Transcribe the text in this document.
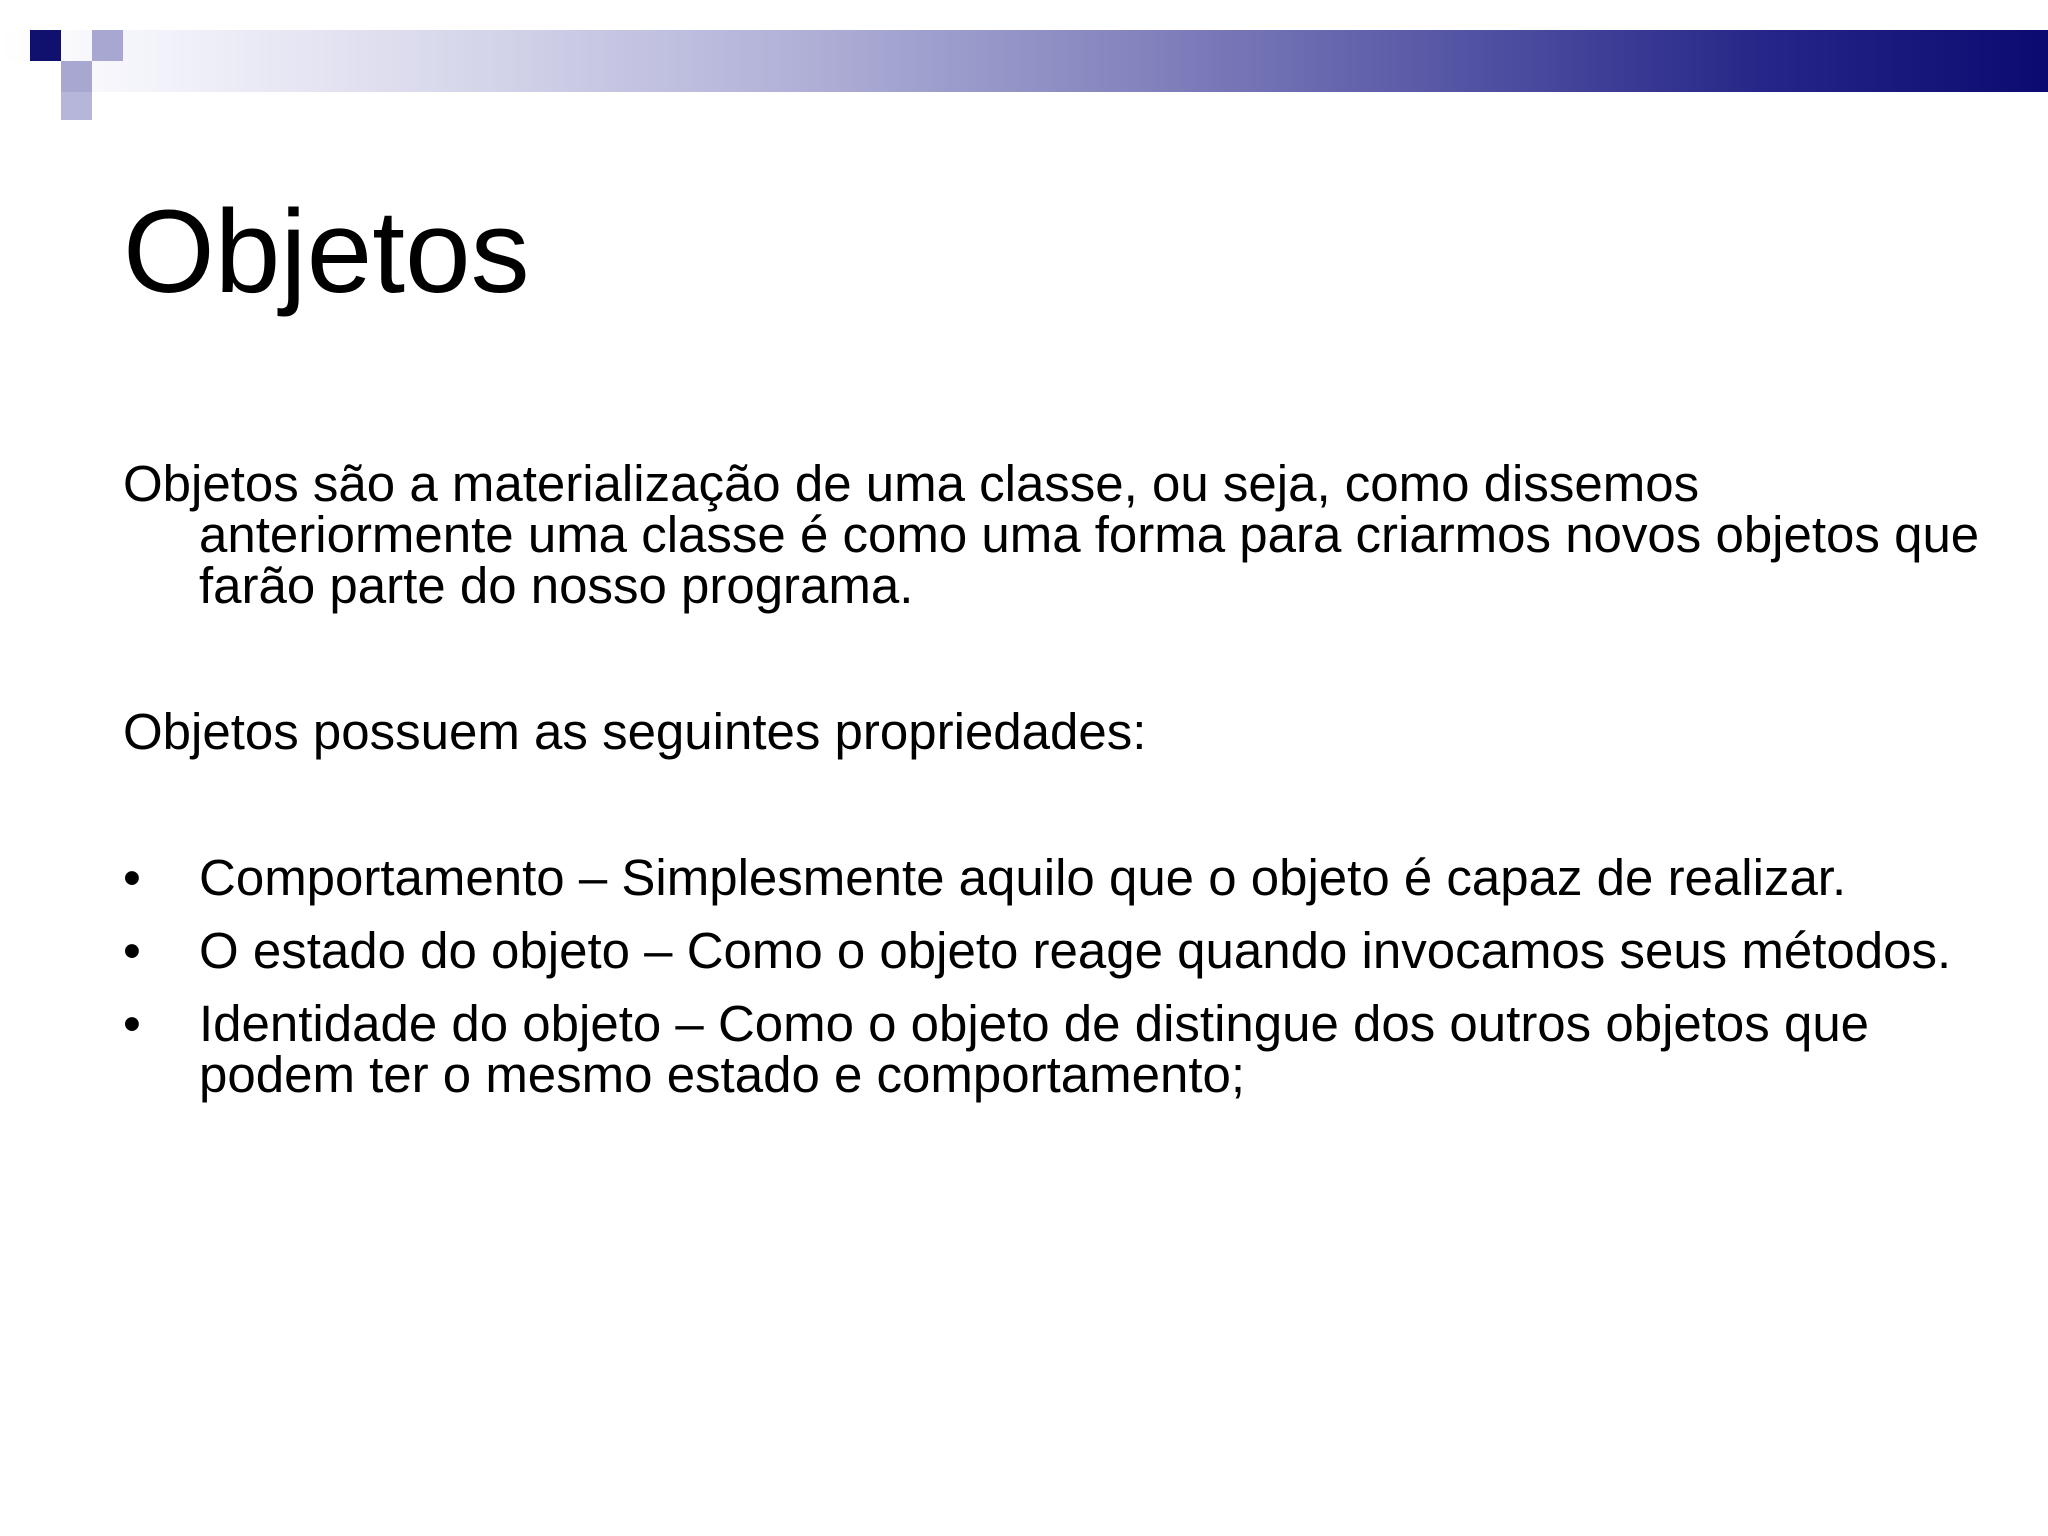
Objetos

Objetos são a materialização de uma classe, ou seja, como dissemos anteriormente uma classe é como uma forma para criarmos novos objetos que farão parte do nosso programa.

Objetos possuem as seguintes propriedades:

•	Comportamento – Simplesmente aquilo que o objeto é capaz de realizar.
•	O estado do objeto – Como o objeto reage quando invocamos seus métodos.
•	Identidade do objeto – Como o objeto de distingue dos outros objetos que podem ter o mesmo estado e comportamento;
